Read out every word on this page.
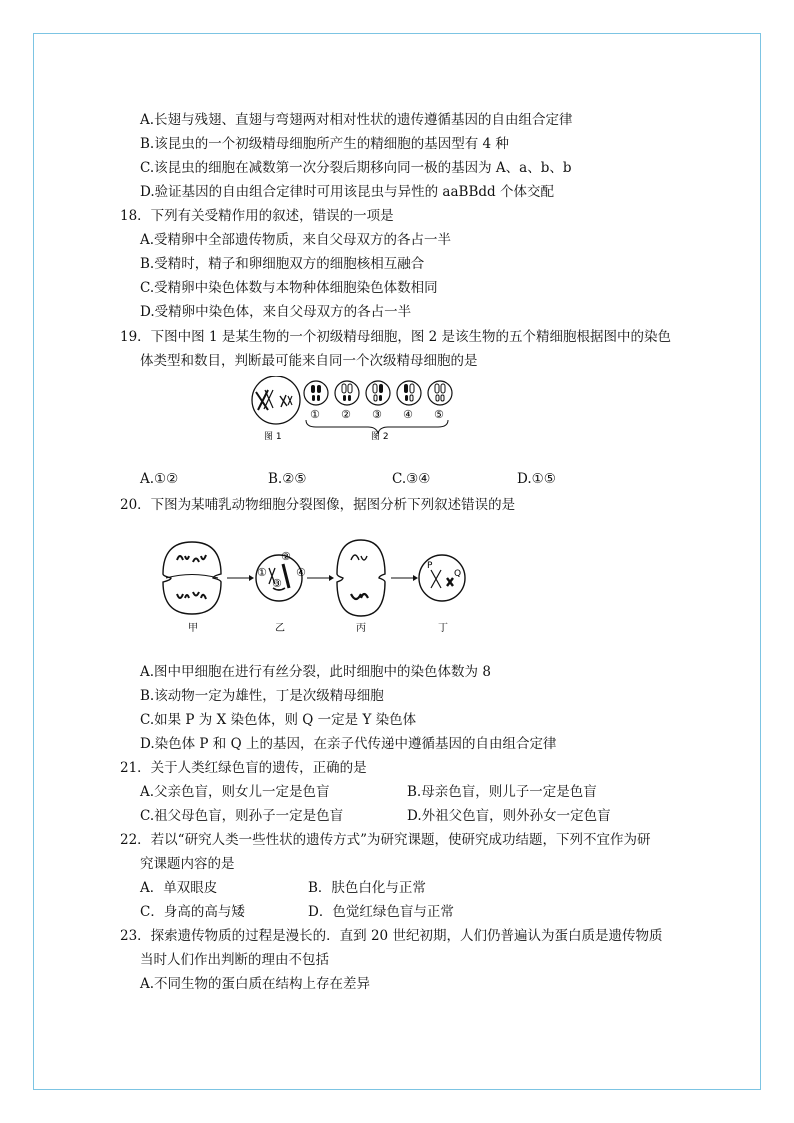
A.长翅与残翅、直翅与弯翅两对相对性状的遗传遵循基因的自由组合定律
B.该昆虫的一个初级精母细胞所产生的精细胞的基因型有 4 种
C.该昆虫的细胞在减数第一次分裂后期移向同一极的基因为 A、a、b、b
D.验证基因的自由组合定律时可用该昆虫与异性的 aaBBdd 个体交配
18．下列有关受精作用的叙述，错误的一项是
A.受精卵中全部遗传物质，来自父母双方的各占一半
B.受精时，精子和卵细胞双方的细胞核相互融合
C.受精卵中染色体数与本物种体细胞染色体数相同
D.受精卵中染色体，来自父母双方的各占一半
19．下图中图 1 是某生物的一个初级精母细胞，图 2 是该生物的五个精细胞根据图中的染色
体类型和数目，判断最可能来自同一个次级精母细胞的是
① ② ③ ④ ⑤
图 1	图 2
A.①②	B.②⑤	C.③④	D.①⑤
20．下图为某哺乳动物细胞分裂图像，据图分析下列叙述错误的是
①
②
③
④	P
Q
甲	乙	丙	丁
A.图中甲细胞在进行有丝分裂，此时细胞中的染色体数为 8
B.该动物一定为雄性，丁是次级精母细胞
C.如果 P 为 X 染色体，则 Q 一定是 Y 染色体
D.染色体 P 和 Q 上的基因，在亲子代传递中遵循基因的自由组合定律
21．关于人类红绿色盲的遗传，正确的是
A.父亲色盲，则女儿一定是色盲	B.母亲色盲，则儿子一定是色盲
C.祖父母色盲，则孙子一定是色盲	D.外祖父色盲，则外孙女一定色盲
22．若以“研究人类一些性状的遗传方式”为研究课题，使研究成功结题，下列不宜作为研
究课题内容的是
A．单双眼皮	B．肤色白化与正常
C．身高的高与矮	D．色觉红绿色盲与正常
23．探索遗传物质的过程是漫长的．直到 20 世纪初期，人们仍普遍认为蛋白质是遗传物质
当时人们作出判断的理由不包括
A.不同生物的蛋白质在结构上存在差异
